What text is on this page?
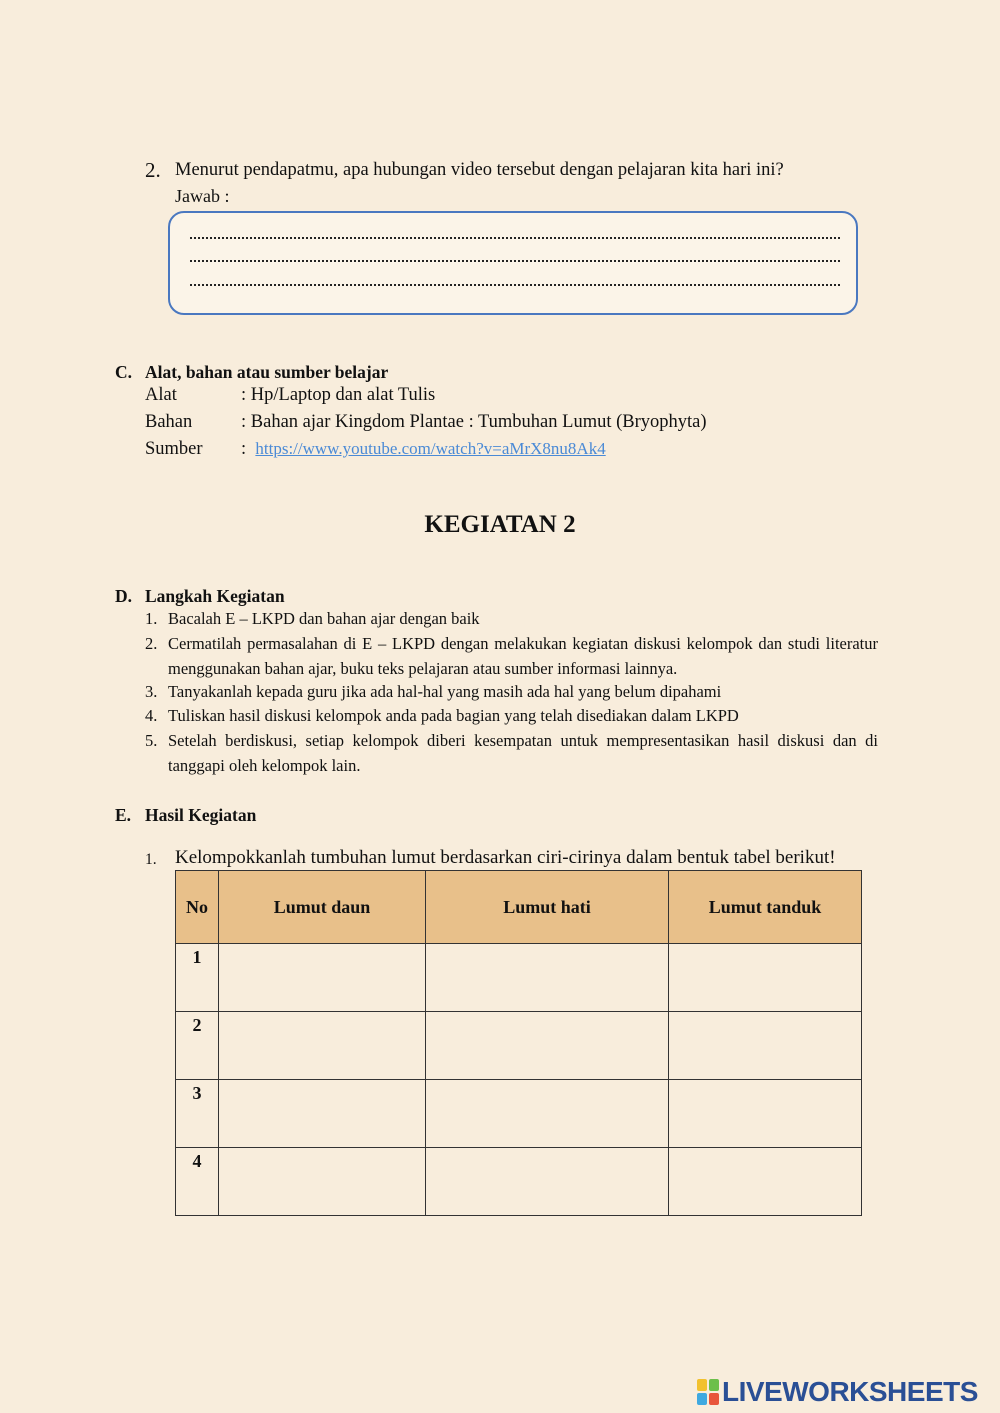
2. Menurut pendapatmu, apa hubungan video tersebut dengan pelajaran kita hari ini?
Jawab :
C. Alat, bahan atau sumber belajar
Alat	: Hp/Laptop dan alat Tulis
Bahan	: Bahan ajar Kingdom Plantae : Tumbuhan Lumut (Bryophyta)
Sumber : https://www.youtube.com/watch?v=aMrX8nu8Ak4
KEGIATAN 2
D. Langkah Kegiatan
1. Bacalah E – LKPD dan bahan ajar dengan baik
2. Cermatilah permasalahan di E – LKPD dengan melakukan kegiatan diskusi kelompok dan studi literatur menggunakan bahan ajar, buku teks pelajaran atau sumber informasi lainnya.
3. Tanyakanlah kepada guru jika ada hal-hal yang masih ada hal yang belum dipahami
4. Tuliskan hasil diskusi kelompok anda pada bagian yang telah disediakan dalam LKPD
5. Setelah berdiskusi, setiap kelompok diberi kesempatan untuk mempresentasikan hasil diskusi dan di tanggapi oleh kelompok lain.
E. Hasil Kegiatan
1. Kelompokkanlah tumbuhan lumut berdasarkan ciri-cirinya dalam bentuk tabel berikut!
No	Lumut daun	Lumut hati	Lumut tanduk
1			
2			
3			
4			
LIVEWORKSHEETS
